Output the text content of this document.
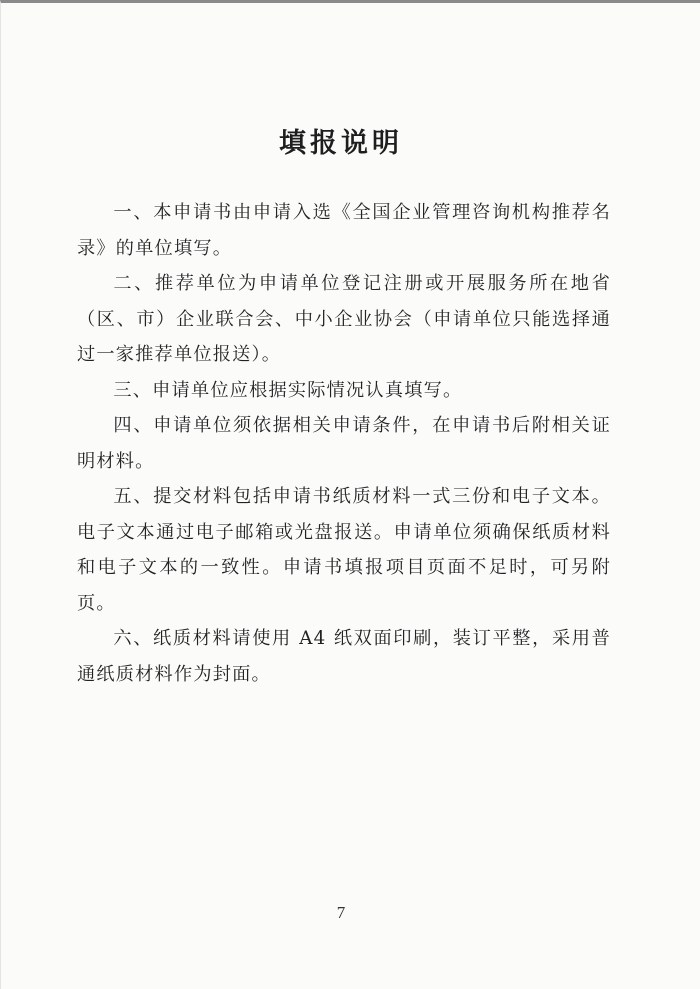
填报说明

一、本申请书由申请入选《全国企业管理咨询机构推荐名录》的单位填写。

二、推荐单位为申请单位登记注册或开展服务所在地省（区、市）企业联合会、中小企业协会（申请单位只能选择通过一家推荐单位报送）。

三、申请单位应根据实际情况认真填写。

四、申请单位须依据相关申请条件，在申请书后附相关证明材料。

五、提交材料包括申请书纸质材料一式三份和电子文本。电子文本通过电子邮箱或光盘报送。申请单位须确保纸质材料和电子文本的一致性。申请书填报项目页面不足时，可另附页。

六、纸质材料请使用 A4 纸双面印刷，装订平整，采用普通纸质材料作为封面。

7
